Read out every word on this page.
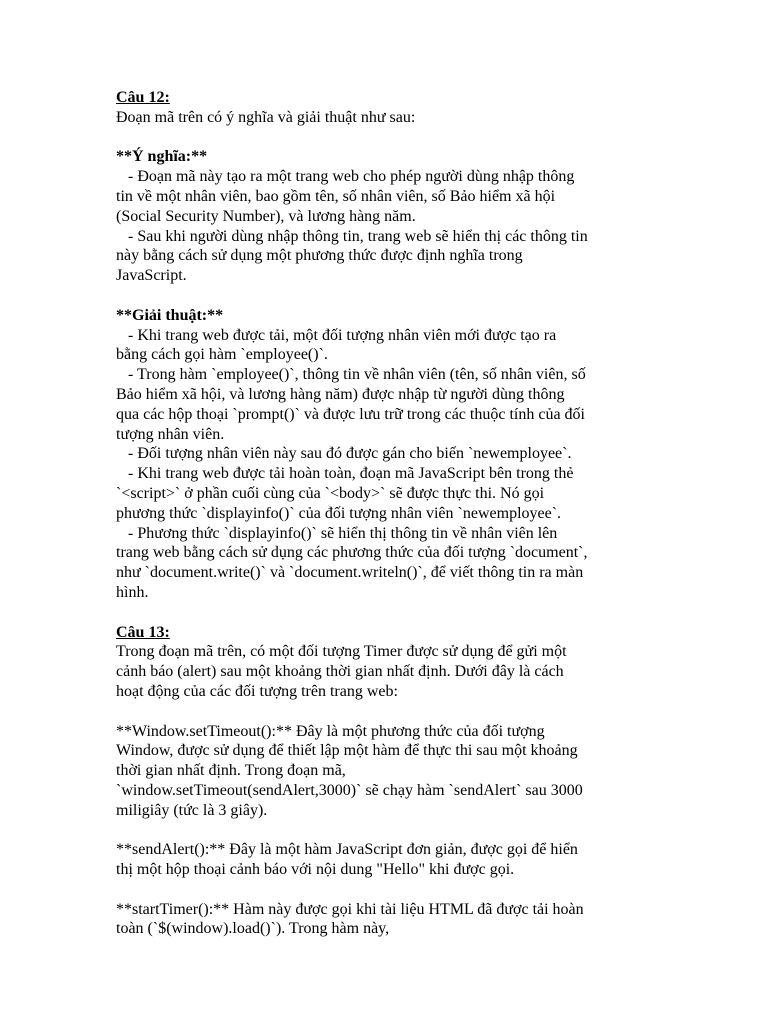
Câu 12:
Đoạn mã trên có ý nghĩa và giải thuật như sau:
**Ý nghĩa:**
- Đoạn mã này tạo ra một trang web cho phép người dùng nhập thông
tin về một nhân viên, bao gồm tên, số nhân viên, số Bảo hiểm xã hội
(Social Security Number), và lương hàng năm.
- Sau khi người dùng nhập thông tin, trang web sẽ hiển thị các thông tin
này bằng cách sử dụng một phương thức được định nghĩa trong
JavaScript.
**Giải thuật:**
- Khi trang web được tải, một đối tượng nhân viên mới được tạo ra
bằng cách gọi hàm `employee()`.
- Trong hàm `employee()`, thông tin về nhân viên (tên, số nhân viên, số
Bảo hiểm xã hội, và lương hàng năm) được nhập từ người dùng thông
qua các hộp thoại `prompt()` và được lưu trữ trong các thuộc tính của đối
tượng nhân viên.
- Đối tượng nhân viên này sau đó được gán cho biến `newemployee`.
- Khi trang web được tải hoàn toàn, đoạn mã JavaScript bên trong thẻ
`<script>` ở phần cuối cùng của `<body>` sẽ được thực thi. Nó gọi
phương thức `displayinfo()` của đối tượng nhân viên `newemployee`.
- Phương thức `displayinfo()` sẽ hiển thị thông tin về nhân viên lên
trang web bằng cách sử dụng các phương thức của đối tượng `document`,
như `document.write()` và `document.writeln()`, để viết thông tin ra màn
hình.
Câu 13:
Trong đoạn mã trên, có một đối tượng Timer được sử dụng để gửi một
cảnh báo (alert) sau một khoảng thời gian nhất định. Dưới đây là cách
hoạt động của các đối tượng trên trang web:
**Window.setTimeout():** Đây là một phương thức của đối tượng
Window, được sử dụng để thiết lập một hàm để thực thi sau một khoảng
thời gian nhất định. Trong đoạn mã,
`window.setTimeout(sendAlert,3000)` sẽ chạy hàm `sendAlert` sau 3000
miligiây (tức là 3 giây).
**sendAlert():** Đây là một hàm JavaScript đơn giản, được gọi để hiển
thị một hộp thoại cảnh báo với nội dung "Hello" khi được gọi.
**startTimer():** Hàm này được gọi khi tài liệu HTML đã được tải hoàn
toàn (`$(window).load()`). Trong hàm này,
